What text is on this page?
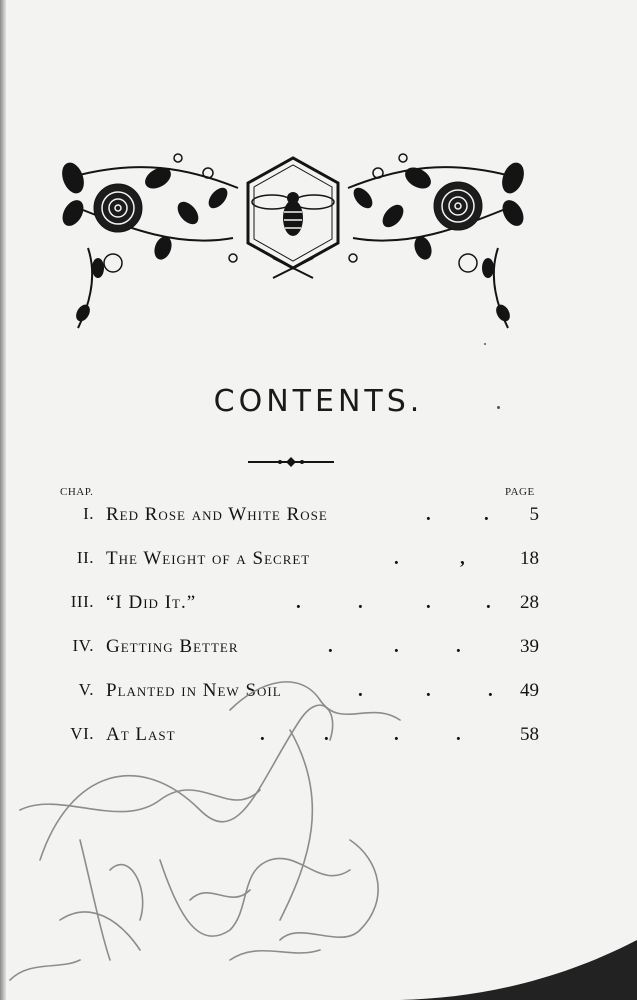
CONTENTS.
CHAP.	PAGE
I. Red Rose and White Rose	.	. 5
II. The Weight of a Secret	.	,	18
III. “I Did It.”	.	.	.	. 28
IV. Getting Better	.	.	.	39
V. Planted in New Soil	.	.	. 49
VI. At Last	.	.	.	.	58
